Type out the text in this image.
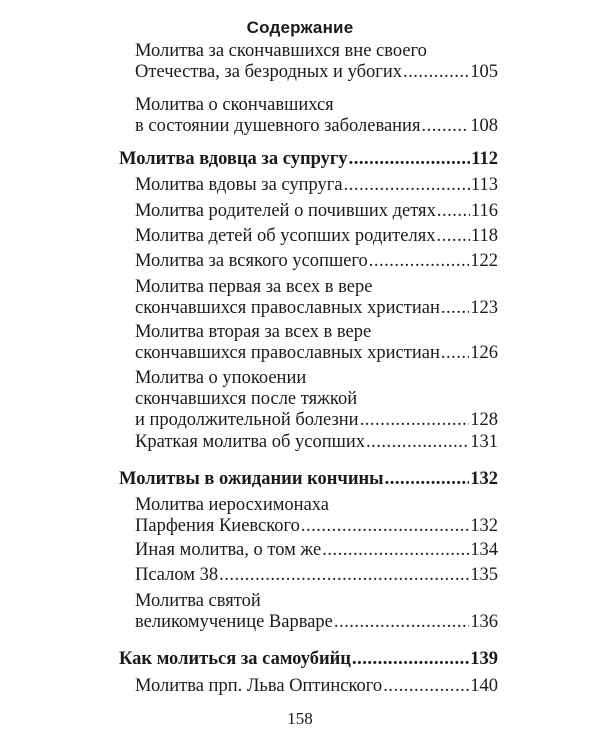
Содержание
Молитва за скончавшихся вне своего
Отечества, за безродных и убогих .....	105
Молитва о скончавшихся
в состоянии душевного заболевания .....	108
Молитва вдовца за супругу .....	112
Молитва вдовы за супруга .....	113
Молитва родителей о почивших детях ..... 116
Молитва детей об усопших родителях ..... 118
Молитва за всякого усопшего .....	122
Молитва первая за всех в вере
скончавшихся православных христиан ..... 123
Молитва вторая за всех в вере
скончавшихся православных христиан ..... 126
Молитва о упокоении
скончавшихся после тяжкой
и продолжительной болезни .....	128
Краткая молитва об усопших .....	131
Молитвы в ожидании кончины .....	132
Молитва иеросхимонаха
Парфения Киевского .....	132
Иная молитва, о том же .....	134
Псалом 38 .....	135
Молитва святой
великомученице Варваре .....	136
Как молиться за самоубийц .....	139
Молитва прп. Льва Оптинского .....	140
158
